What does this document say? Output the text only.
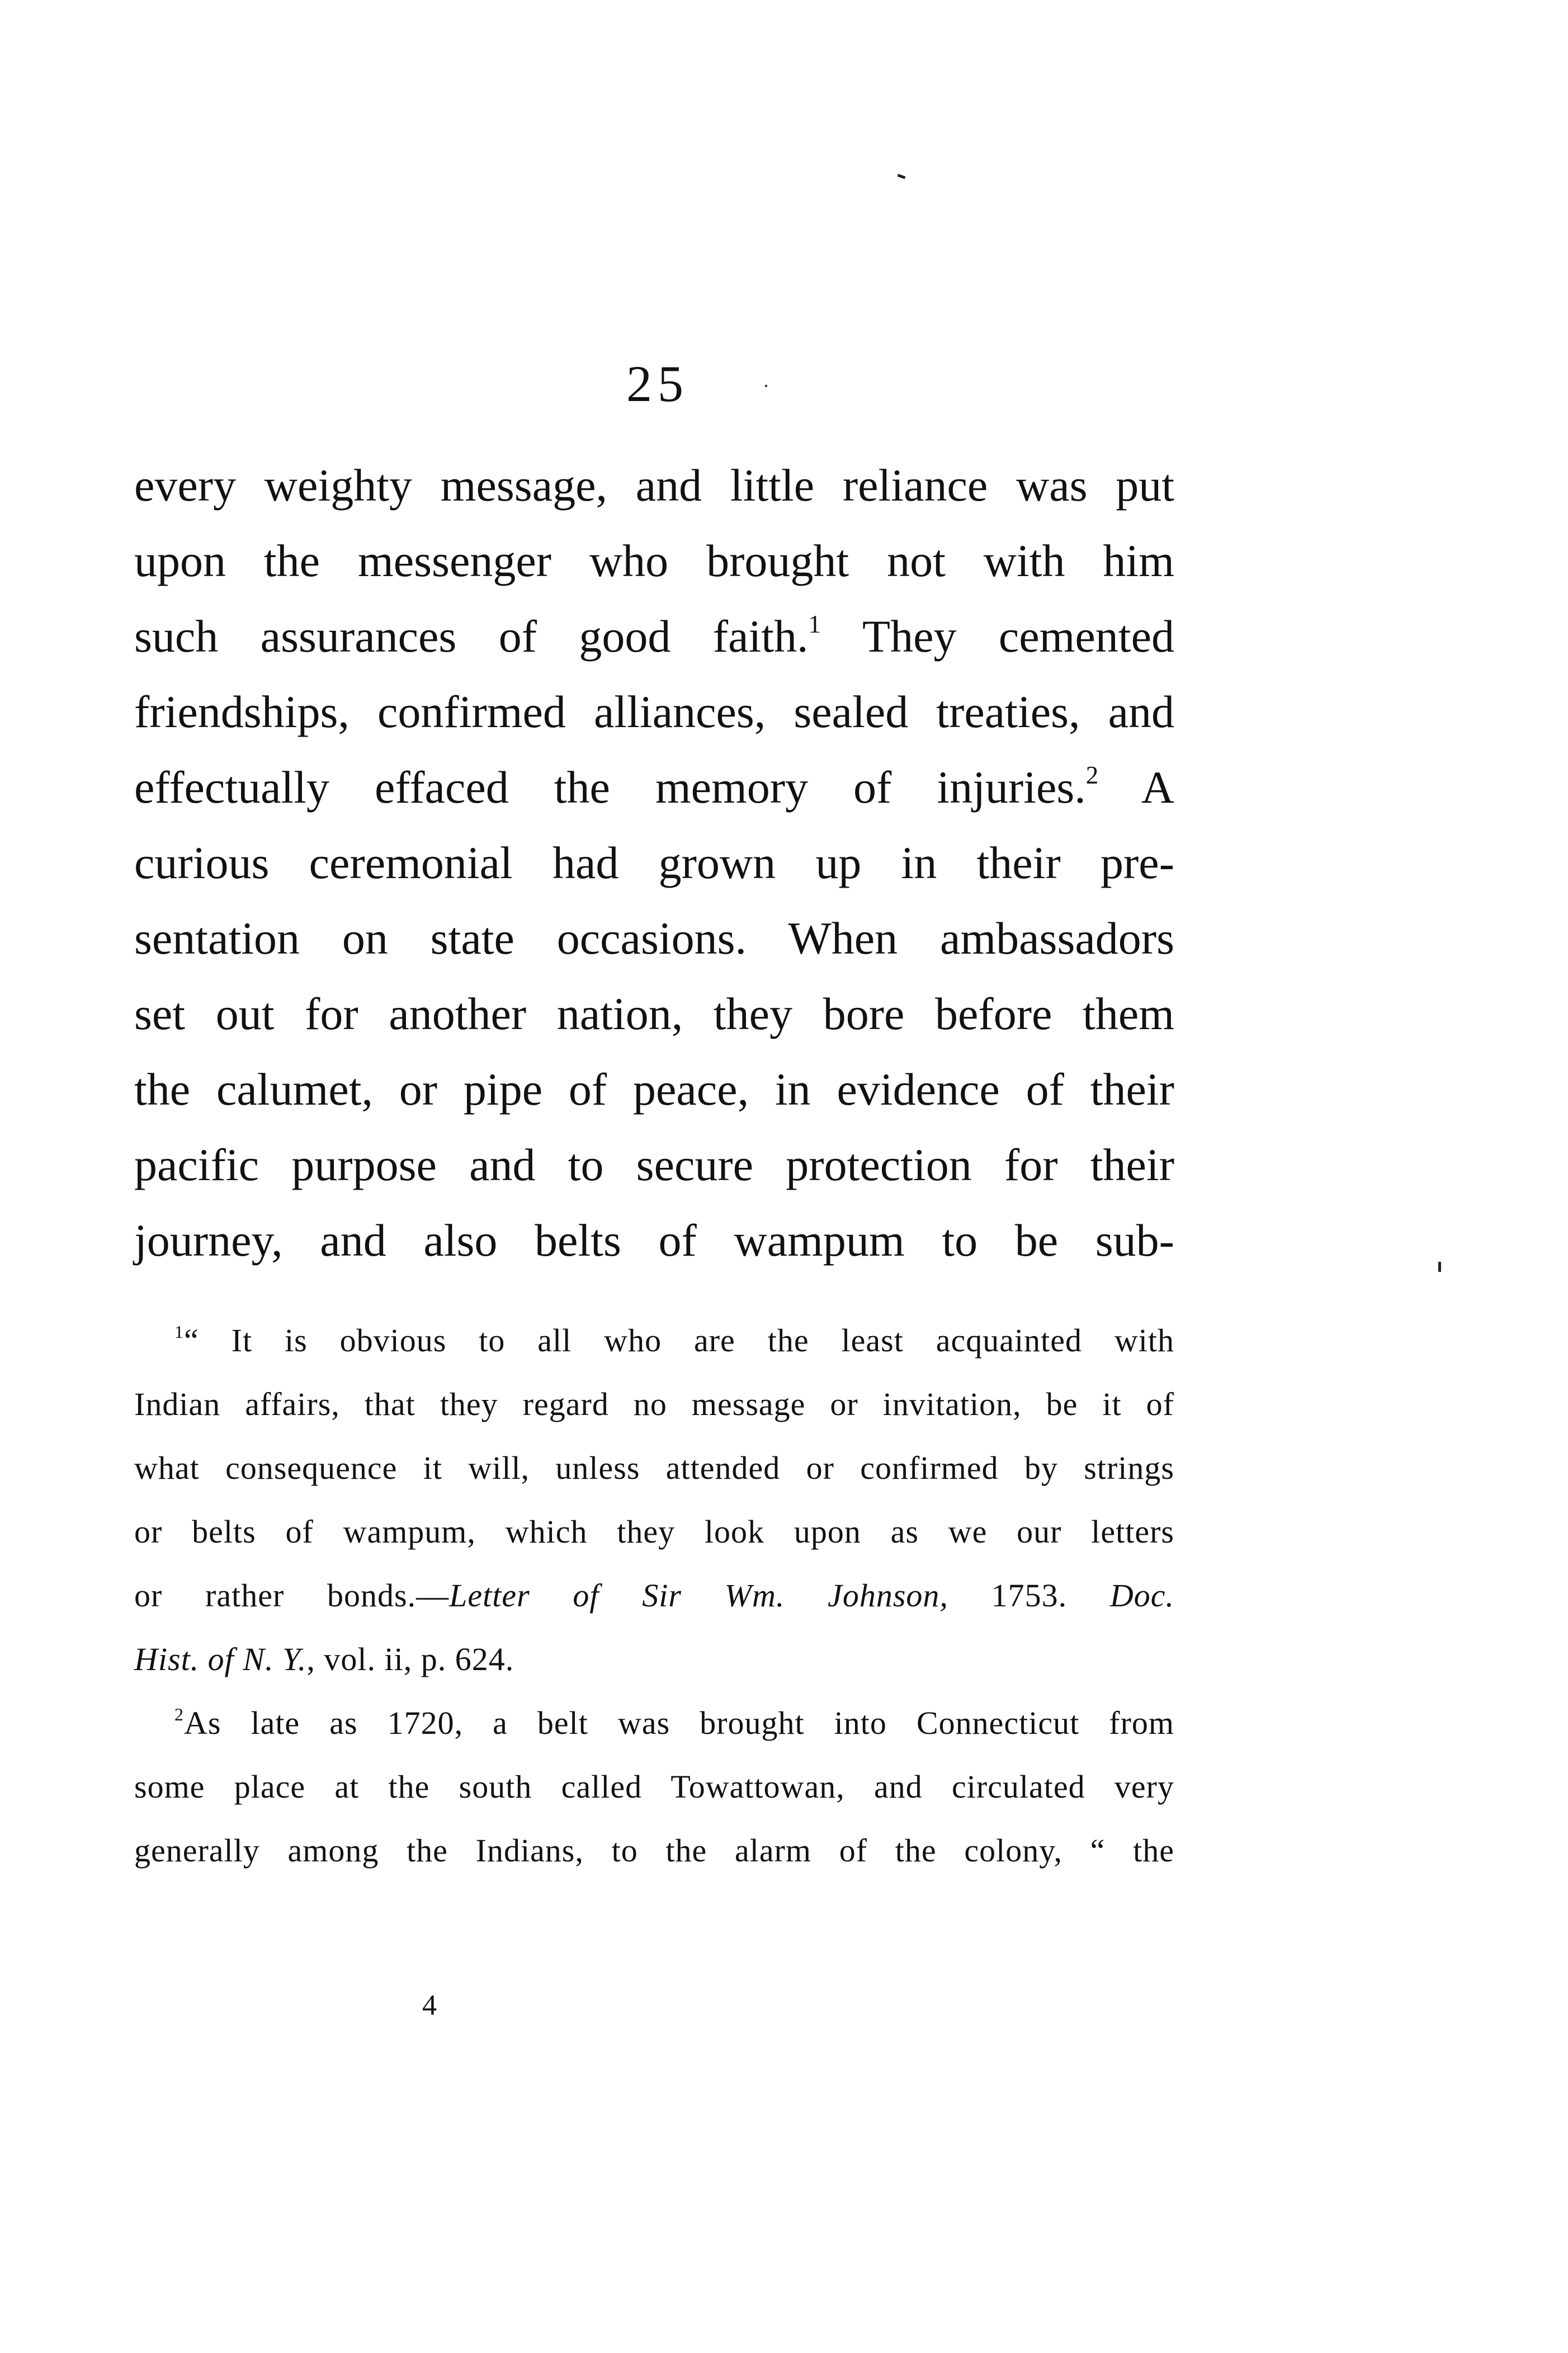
25
every weighty message, and little reliance was put
upon the messenger who brought not with him
such assurances of good faith.$^1$ They cemented
friendships, confirmed alliances, sealed treaties, and
effectually effaced the memory of injuries.$^2$ A
curious ceremonial had grown up in their pre-
sentation on state occasions. When ambassadors
set out for another nation, they bore before them
the calumet, or pipe of peace, in evidence of their
pacific purpose and to secure protection for their
journey, and also belts of wampum to be sub-
$^1$“ It is obvious to all who are the least acquainted with
Indian affairs, that they regard no message or invitation, be it of
what consequence it will, unless attended or confirmed by strings
or belts of wampum, which they look upon as we our letters
or rather bonds.—Letter of Sir Wm. Johnson, 1753. Doc.
Hist. of N. Y., vol. ii, p. 624.
$^2$As late as 1720, a belt was brought into Connecticut from
some place at the south called Towattowan, and circulated very
generally among the Indians, to the alarm of the colony, “ the
4
